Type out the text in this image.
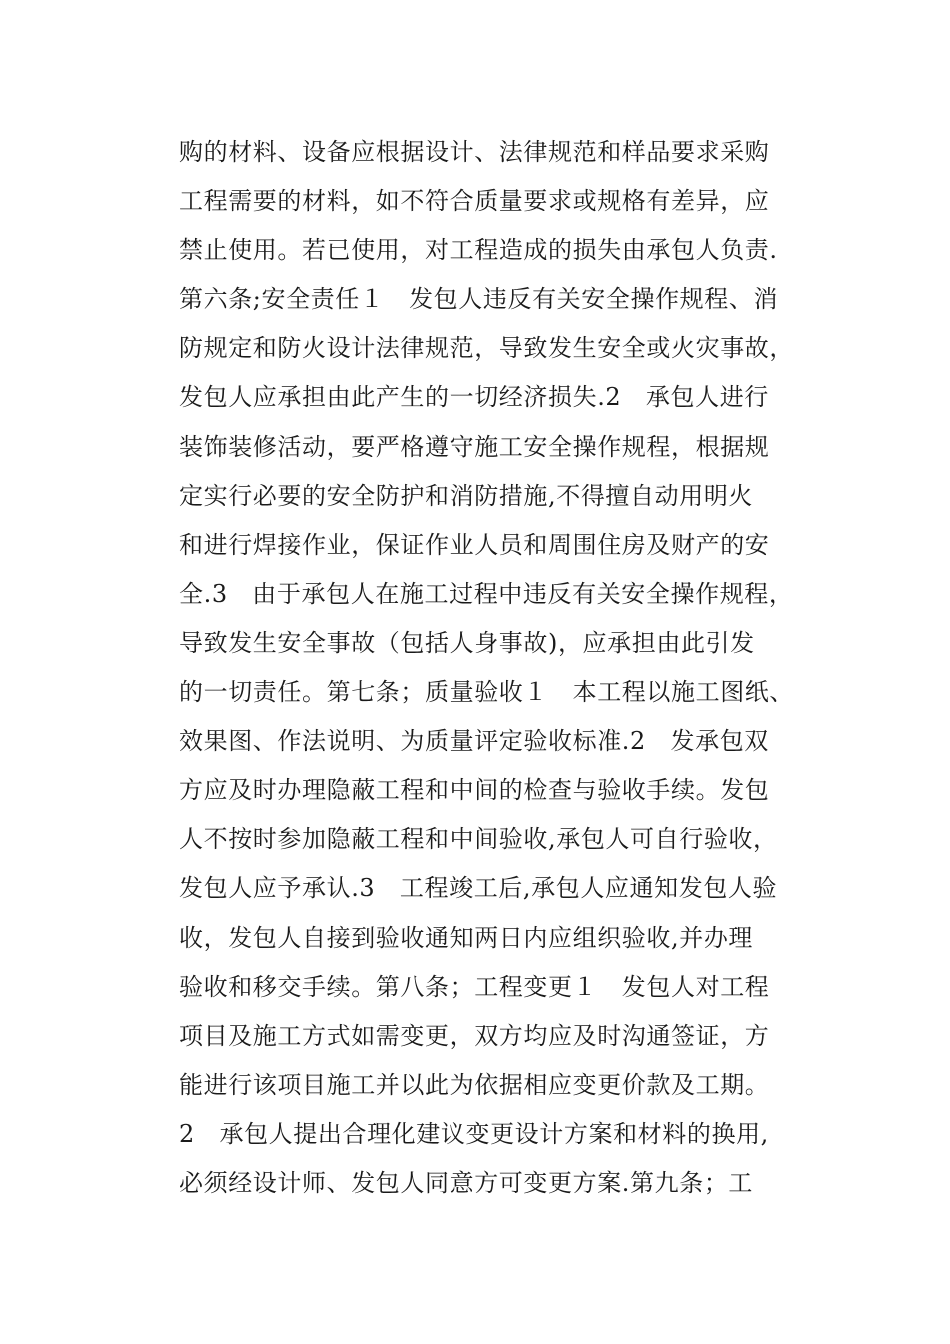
购的材料、设备应根据设计、法律规范和样品要求采购
工程需要的材料，如不符合质量要求或规格有差异，应
禁止使用。若已使用，对工程造成的损失由承包人负责.
第六条;安全责任１　发包人违反有关安全操作规程、消
防规定和防火设计法律规范，导致发生安全或火灾事故，
发包人应承担由此产生的一切经济损失.2　承包人进行
装饰装修活动，要严格遵守施工安全操作规程，根据规
定实行必要的安全防护和消防措施,不得擅自动用明火
和进行焊接作业，保证作业人员和周围住房及财产的安
全.3　由于承包人在施工过程中违反有关安全操作规程，
导致发生安全事故（包括人身事故)，应承担由此引发
的一切责任。第七条；质量验收１　本工程以施工图纸、
效果图、作法说明、为质量评定验收标准.2　发承包双
方应及时办理隐蔽工程和中间的检查与验收手续。发包
人不按时参加隐蔽工程和中间验收,承包人可自行验收，
发包人应予承认.3　工程竣工后,承包人应通知发包人验
收，发包人自接到验收通知两日内应组织验收,并办理
验收和移交手续。第八条；工程变更１　发包人对工程
项目及施工方式如需变更，双方均应及时沟通签证，方
能进行该项目施工并以此为依据相应变更价款及工期。
2　承包人提出合理化建议变更设计方案和材料的换用,
必须经设计师、发包人同意方可变更方案.第九条；工
